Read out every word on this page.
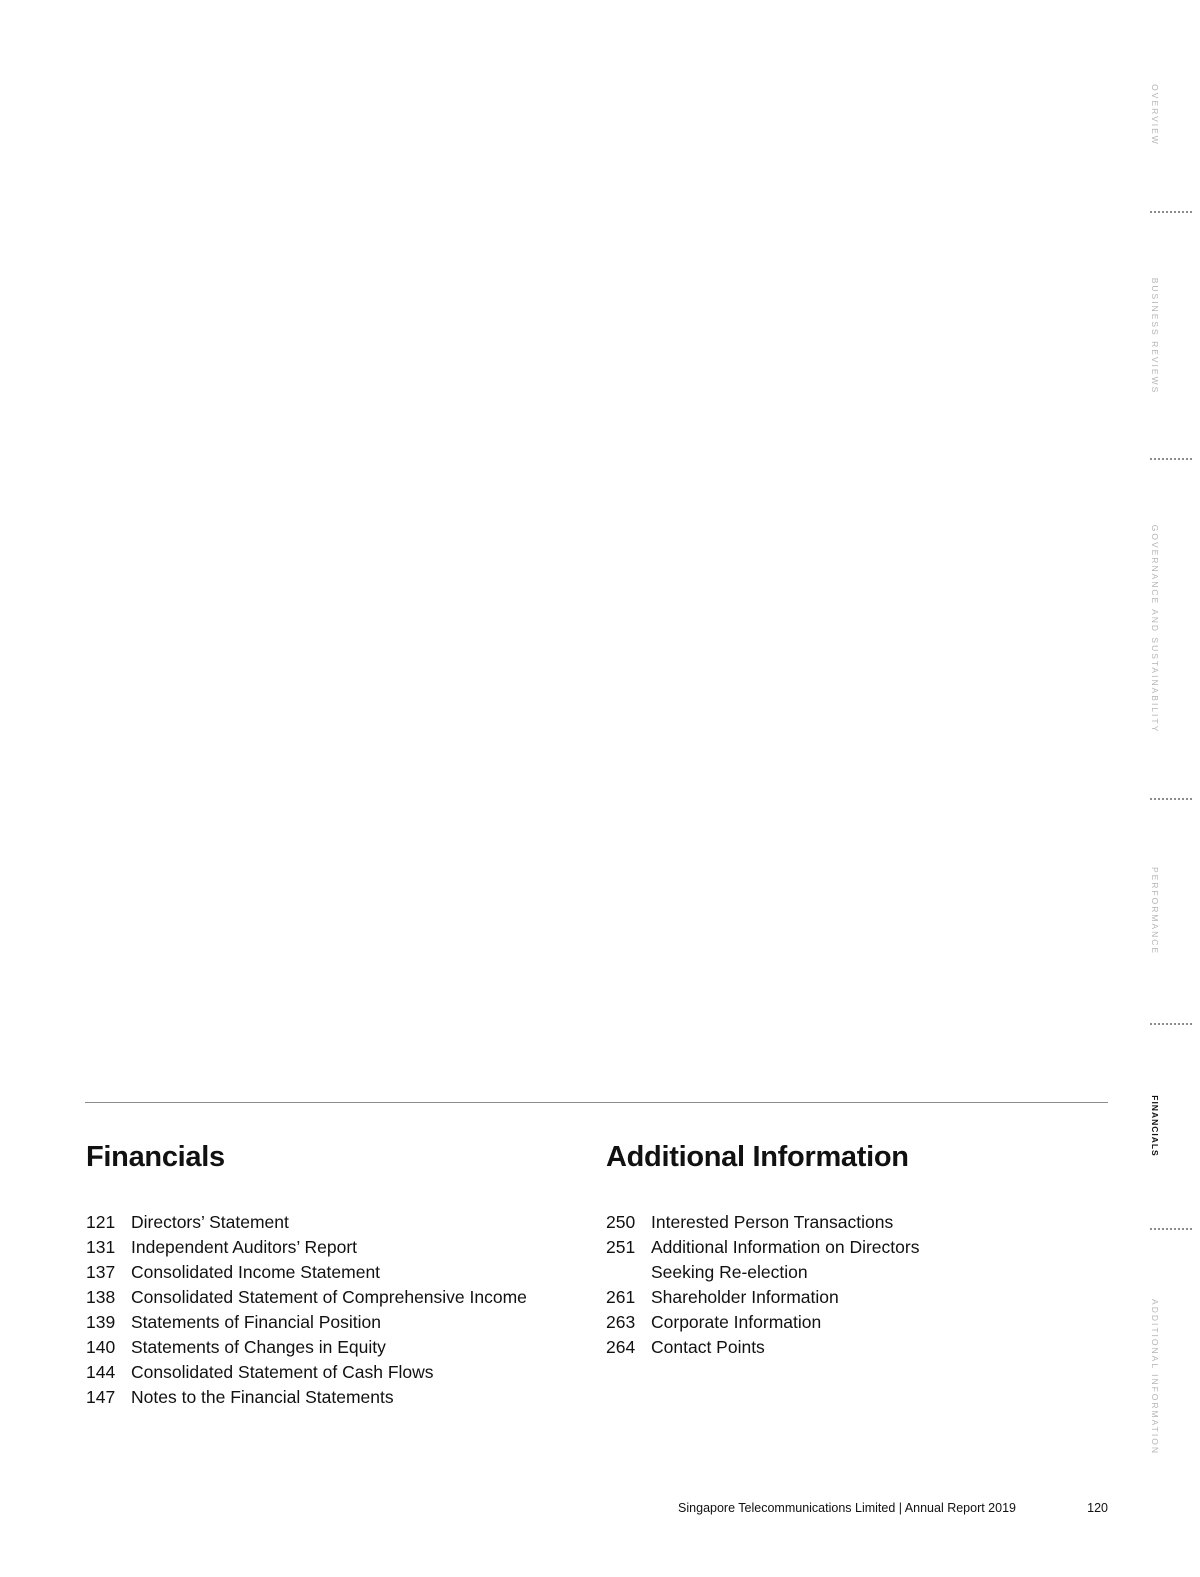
Financials
121 Directors’ Statement
131 Independent Auditors’ Report
137 Consolidated Income Statement
138 Consolidated Statement of Comprehensive Income
139 Statements of Financial Position
140 Statements of Changes in Equity
144 Consolidated Statement of Cash Flows
147 Notes to the Financial Statements
Additional Information
250 Interested Person Transactions
251 Additional Information on Directors
Seeking Re-election
261 Shareholder Information
263 Corporate Information
264 Contact Points
OVERVIEW
BUSINESS REVIEWS
GOVERNANCE AND SUSTAINABILITY
PERFORMANCE
FINANCIALS
ADDITIONAL INFORMATION
Singapore Telecommunications Limited | Annual Report 2019	120
